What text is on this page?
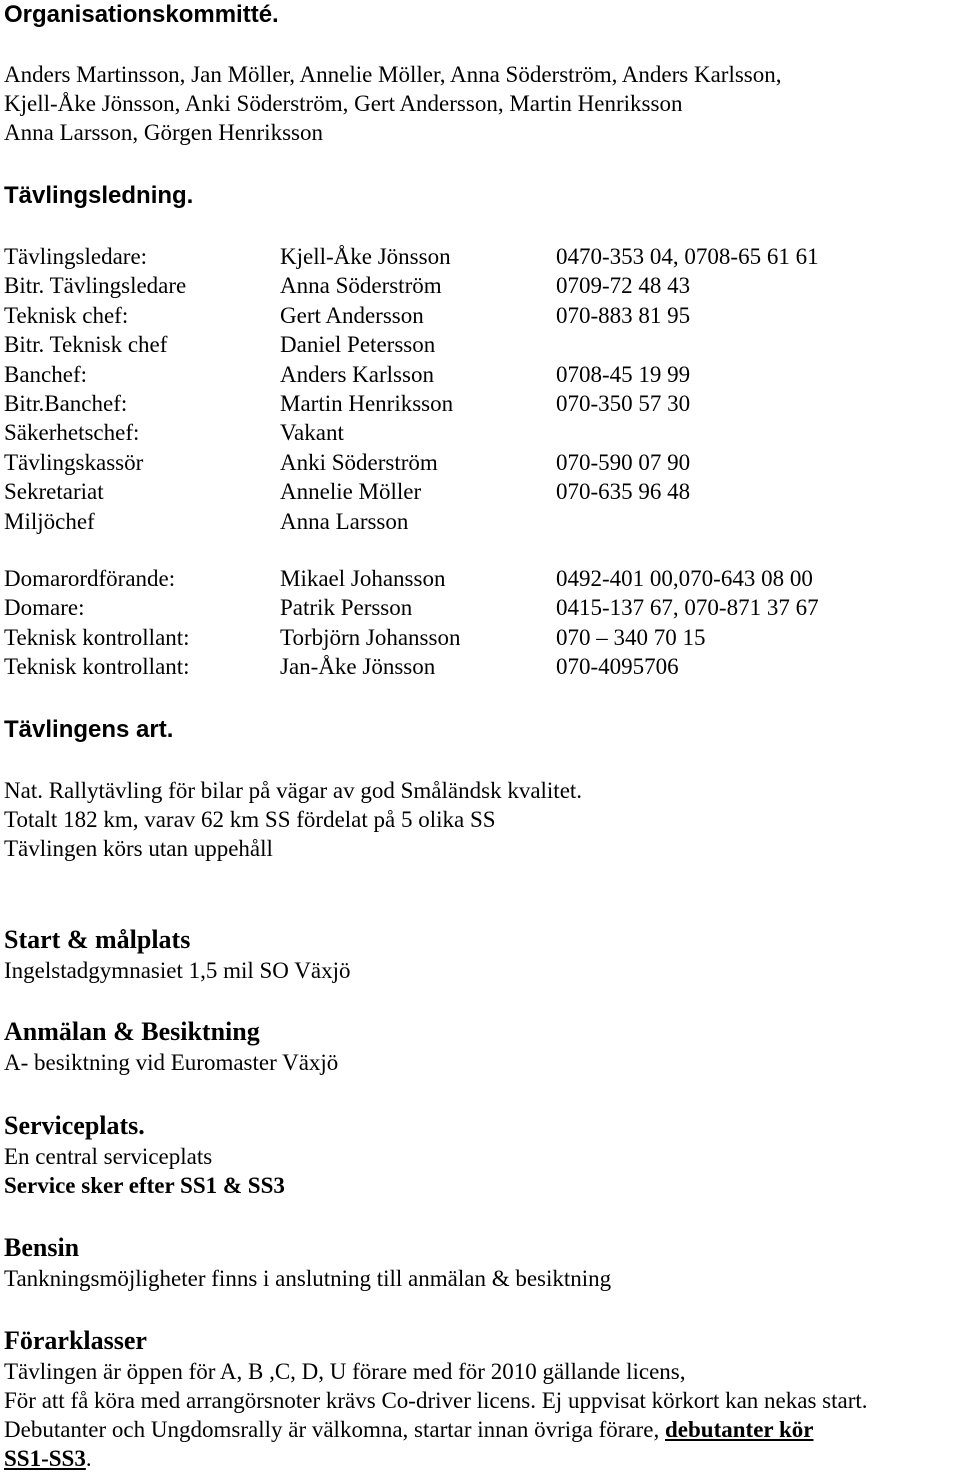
Organisationskommitté.
Anders Martinsson, Jan Möller, Annelie Möller, Anna Söderström, Anders Karlsson,
Kjell-Åke Jönsson, Anki Söderström, Gert Andersson, Martin Henriksson
Anna Larsson, Görgen Henriksson
Tävlingsledning.
Tävlingsledare:	Kjell-Åke Jönsson	0470-353 04, 0708-65 61 61
Bitr. Tävlingsledare	Anna Söderström	0709-72 48 43
Teknisk chef:	Gert Andersson	070-883 81 95
Bitr. Teknisk chef	Daniel Petersson
Banchef:	Anders Karlsson	0708-45 19 99
Bitr.Banchef:	Martin Henriksson	070-350 57 30
Säkerhetschef:	Vakant
Tävlingskassör	Anki Söderström	070-590 07 90
Sekretariat	Annelie Möller	070-635 96 48
Miljöchef	Anna Larsson
Domarordförande:	Mikael Johansson	0492-401 00,070-643 08 00
Domare:	Patrik Persson	0415-137 67, 070-871 37 67
Teknisk kontrollant:	Torbjörn Johansson	070 – 340 70 15
Teknisk kontrollant:	Jan-Åke Jönsson	070-4095706
Tävlingens art.
Nat. Rallytävling för bilar på vägar av god Småländsk kvalitet.
Totalt 182 km, varav 62 km SS fördelat på 5 olika SS
Tävlingen körs utan uppehåll
Start & målplats
Ingelstadgymnasiet 1,5 mil SO Växjö
Anmälan & Besiktning
A- besiktning vid Euromaster Växjö
Serviceplats.
En central serviceplats
Service sker efter SS1 & SS3
Bensin
Tankningsmöjligheter finns i anslutning till anmälan & besiktning
Förarklasser
Tävlingen är öppen för A, B ,C, D, U förare med för 2010 gällande licens,
För att få köra med arrangörsnoter krävs Co-driver licens. Ej uppvisat körkort kan nekas start.
Debutanter och Ungdomsrally är välkomna, startar innan övriga förare, debutanter kör
SS1-SS3.
